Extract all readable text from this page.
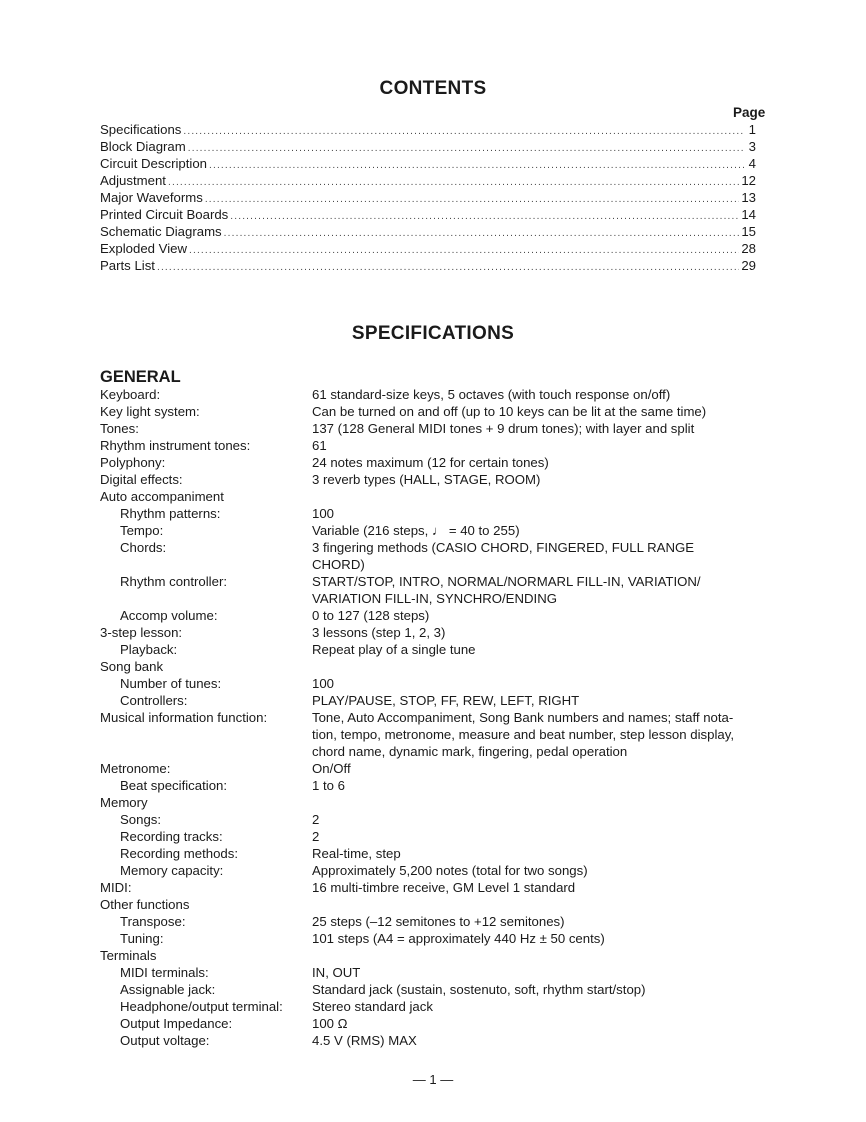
CONTENTS
Page
Specifications .....	1
Block Diagram .....	3
Circuit Description .....	4
Adjustment .....	12
Major Waveforms .....	13
Printed Circuit Boards .....	14
Schematic Diagrams .....	15
Exploded View .....	28
Parts List .....	29
SPECIFICATIONS
GENERAL
Keyboard:	61 standard-size keys, 5 octaves (with touch response on/off)
Key light system:	Can be turned on and off (up to 10 keys can be lit at the same time)
Tones:	137 (128 General MIDI tones + 9 drum tones); with layer and split
Rhythm instrument tones:	61
Polyphony:	24 notes maximum (12 for certain tones)
Digital effects:	3 reverb types (HALL, STAGE, ROOM)
Auto accompaniment
Rhythm patterns:	100
Tempo:	Variable (216 steps, ♩ = 40 to 255)
Chords:	3 fingering methods (CASIO CHORD, FINGERED, FULL RANGE
CHORD)
Rhythm controller:	START/STOP, INTRO, NORMAL/NORMARL FILL-IN, VARIATION/
VARIATION FILL-IN, SYNCHRO/ENDING
Accomp volume:	0 to 127 (128 steps)
3-step lesson:	3 lessons (step 1, 2, 3)
Playback:	Repeat play of a single tune
Song bank
Number of tunes:	100
Controllers:	PLAY/PAUSE, STOP, FF, REW, LEFT, RIGHT
Musical information function:	Tone, Auto Accompaniment, Song Bank numbers and names; staff nota-
tion, tempo, metronome, measure and beat number, step lesson display,
chord name, dynamic mark, fingering, pedal operation
Metronome:	On/Off
Beat specification:	1 to 6
Memory
Songs:	2
Recording tracks:	2
Recording methods:	Real-time, step
Memory capacity:	Approximately 5,200 notes (total for two songs)
MIDI:	16 multi-timbre receive, GM Level 1 standard
Other functions
Transpose:	25 steps (–12 semitones to +12 semitones)
Tuning:	101 steps (A4 = approximately 440 Hz ± 50 cents)
Terminals
MIDI terminals:	IN, OUT
Assignable jack:	Standard jack (sustain, sostenuto, soft, rhythm start/stop)
Headphone/output terminal: Stereo standard jack
Output Impedance:	100 Ω
Output voltage:	4.5 V (RMS) MAX
— 1 —
